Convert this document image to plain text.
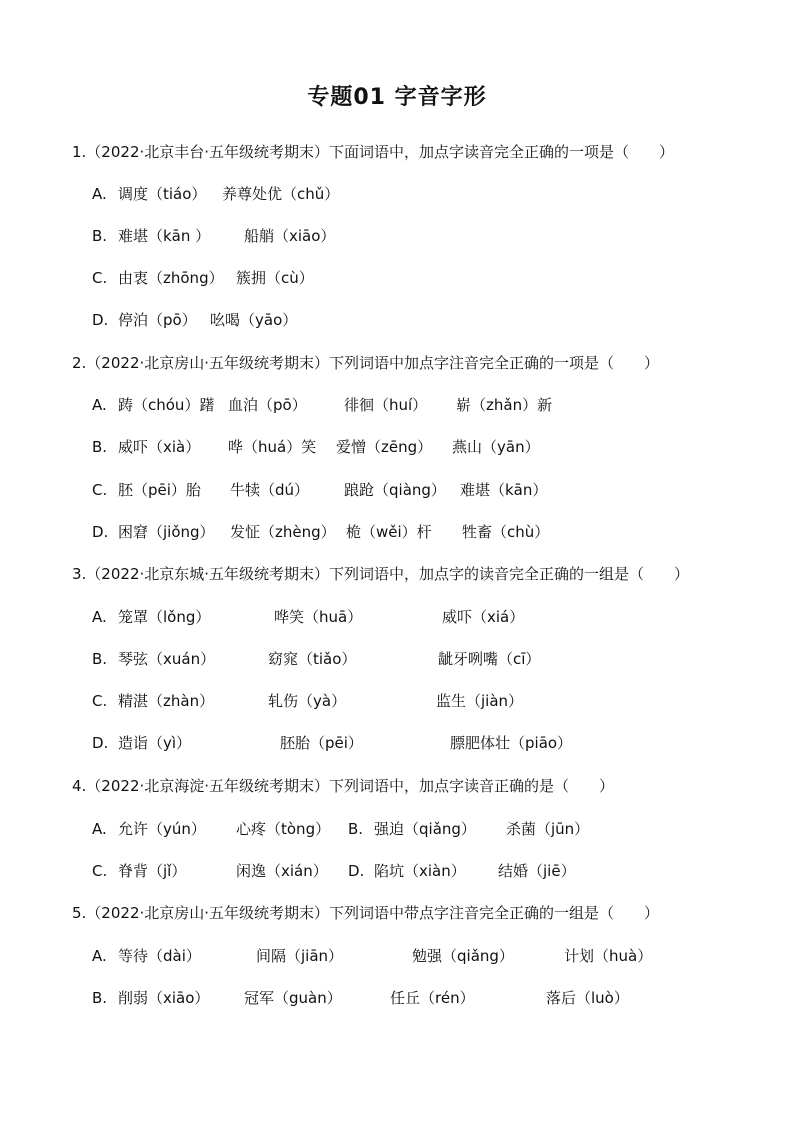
专题01 字音字形
1.（2022·北京丰台·五年级统考期末）下面词语中，加点字读音完全正确的一项是（　　）
A. 调度（tiáo） 养尊处优（chǔ）
B. 难堪（kān ） 船艄（xiāo）
C. 由衷（zhōng） 簇拥（cù）
D. 停泊（pō） 吆喝（yāo）
2.（2022·北京房山·五年级统考期末）下列词语中加点字注音完全正确的一项是（　　）
A. 踌（chóu）躇 血泊（pō） 徘徊（huí） 崭（zhǎn）新
B. 威吓（xià） 哗（huá）笑 爱憎（zēng） 燕山（yān）
C. 胚（pēi）胎 牛犊（dú） 踉跄（qiàng） 难堪（kān）
D. 困窘（jiǒng） 发怔（zhèng） 桅（wěi）杆 牲畜（chù）
3.（2022·北京东城·五年级统考期末）下列词语中，加点字的读音完全正确的一组是（　　）
A. 笼罩（lǒng）	哗笑（huā）	威吓（xiá）
B. 琴弦（xuán）	窈窕（tiǎo）	龇牙咧嘴（cī）
C. 精湛（zhàn）	轧伤（yà）	监生（jiàn）
D. 造诣（yì）	胚胎（pēi）	膘肥体壮（piāo）
4.（2022·北京海淀·五年级统考期末）下列词语中，加点字读音正确的是（　　）
A. 允许（yún） 心疼（tòng） B. 强迫（qiǎng） 杀菌（jūn）
C. 脊背（jǐ）	闲逸（xián） D. 陷坑（xiàn） 结婚（jiē）
5.（2022·北京房山·五年级统考期末）下列词语中带点字注音完全正确的一组是（　　）
A. 等待（dài）	间隔（jiān）	勉强（qiǎng）	计划（huà）
B. 削弱（xiāo） 冠军（guàn）	任丘（rén）	落后（luò）
